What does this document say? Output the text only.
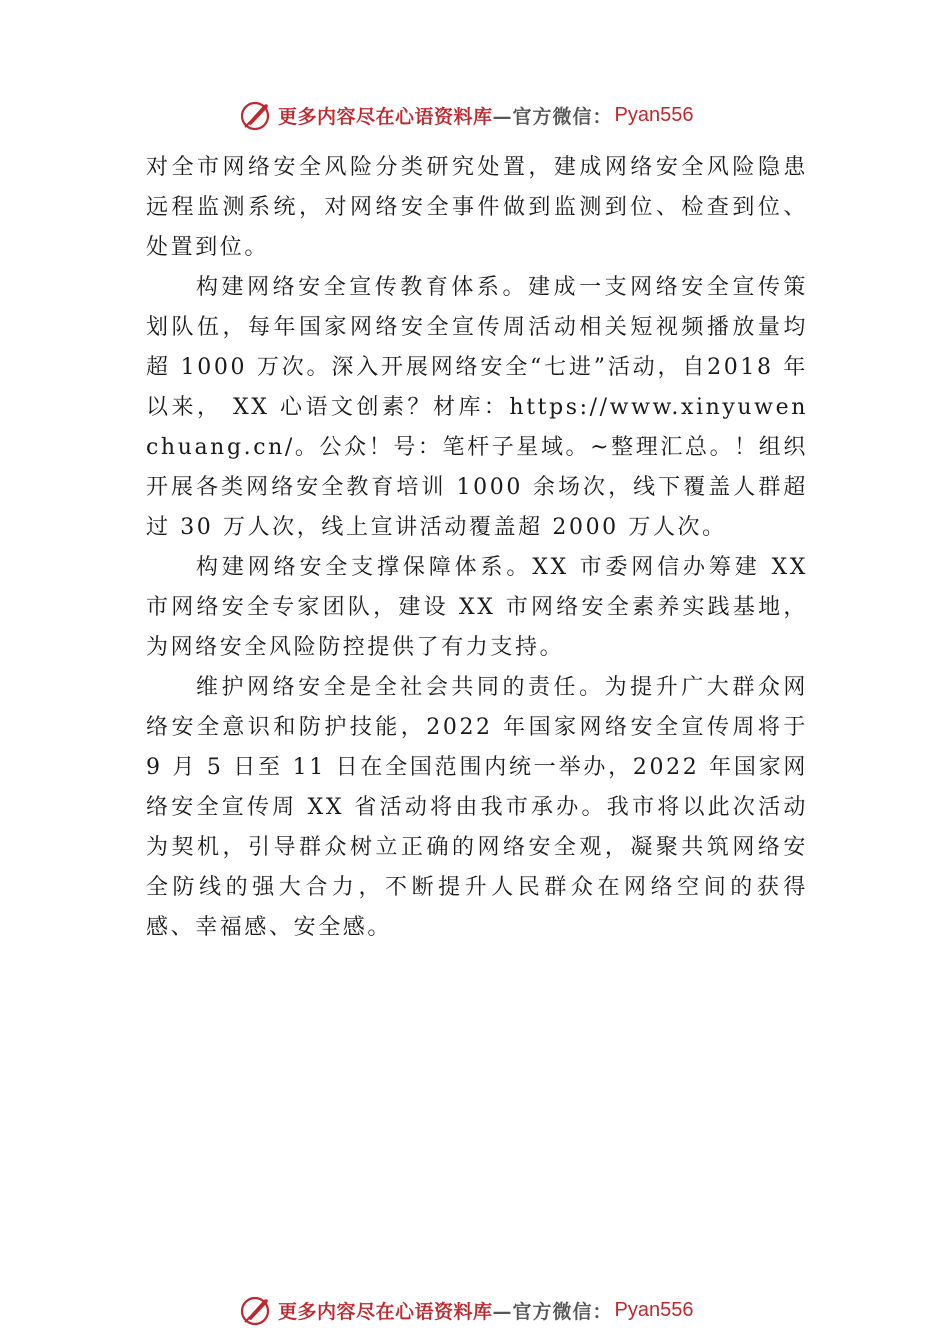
更多内容尽在心语资料库 —官方微信： Pyan556

对全市网络安全风险分类研究处置，建成网络安全风险隐患远程监测系统，对网络安全事件做到监测到位、检查到位、 处置到位。

构建网络安全宣传教育体系。建成一支网络安全宣传策划队伍，每年国家网络安全宣传周活动相关短视频播放量均超 1000 万次。深入开展网络安全“七进”活动，自2018 年以来， XX 心语文创素？材库：https://www.xinyuwenchuang.cn/。公众！号：笔杆子星域。~整理汇总。！组织开展各类网络安全教育培训 1000 余场次，线下覆盖人群超过 30 万人次，线上宣讲活动覆盖超 2000 万人次。

构建网络安全支撑保障体系。XX 市委网信办筹建 XX 市网络安全专家团队，建设 XX 市网络安全素养实践基地，为网络安全风险防控提供了有力支持。

维护网络安全是全社会共同的责任。为提升广大群众网络安全意识和防护技能，2022 年国家网络安全宣传周将于 9 月 5 日至 11 日在全国范围内统一举办，2022 年国家网络安全宣传周 XX 省活动将由我市承办。我市将以此次活动为契机，引导群众树立正确的网络安全观，凝聚共筑网络安全防线的强大合力，不断提升人民群众在网络空间的获得感、幸福感、安全感。

更多内容尽在心语资料库 —官方微信： Pyan556
